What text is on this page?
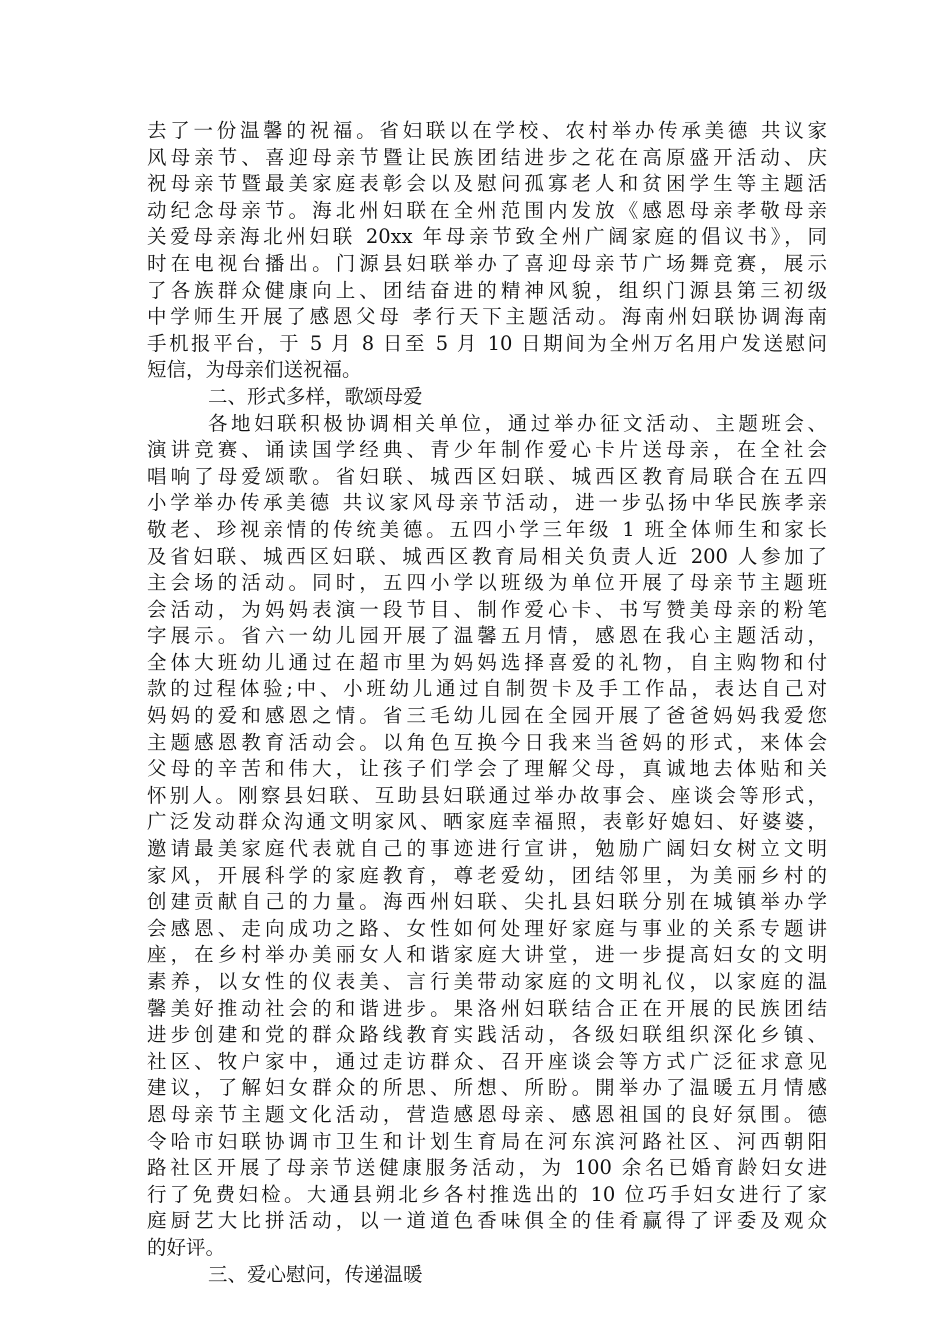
去了一份温馨的祝福。省妇联以在学校、农村举办传承美德 共议家
风母亲节、喜迎母亲节暨让民族团结进步之花在高原盛开活动、庆
祝母亲节暨最美家庭表彰会以及慰问孤寡老人和贫困学生等主题活
动纪念母亲节。海北州妇联在全州范围内发放《感恩母亲孝敬母亲
关爱母亲海北州妇联 20xx 年母亲节致全州广阔家庭的倡议书》，同
时在电视台播出。门源县妇联举办了喜迎母亲节广场舞竞赛，展示
了各族群众健康向上、团结奋进的精神风貌，组织门源县第三初级
中学师生开展了感恩父母 孝行天下主题活动。海南州妇联协调海南
手机报平台，于 5 月 8 日至 5 月 10 日期间为全州万名用户发送慰问
短信，为母亲们送祝福。
二、形式多样，歌颂母爱
各地妇联积极协调相关单位，通过举办征文活动、主题班会、
演讲竞赛、诵读国学经典、青少年制作爱心卡片送母亲，在全社会
唱响了母爱颂歌。省妇联、城西区妇联、城西区教育局联合在五四
小学举办传承美德 共议家风母亲节活动，进一步弘扬中华民族孝亲
敬老、珍视亲情的传统美德。五四小学三年级 1 班全体师生和家长
及省妇联、城西区妇联、城西区教育局相关负责人近 200 人参加了
主会场的活动。同时，五四小学以班级为单位开展了母亲节主题班
会活动，为妈妈表演一段节目、制作爱心卡、书写赞美母亲的粉笔
字展示。省六一幼儿园开展了温馨五月情，感恩在我心主题活动，
全体大班幼儿通过在超市里为妈妈选择喜爱的礼物，自主购物和付
款的过程体验;中、小班幼儿通过自制贺卡及手工作品，表达自己对
妈妈的爱和感恩之情。省三毛幼儿园在全园开展了爸爸妈妈我爱您
主题感恩教育活动会。以角色互换今日我来当爸妈的形式，来体会
父母的辛苦和伟大，让孩子们学会了理解父母，真诚地去体贴和关
怀别人。刚察县妇联、互助县妇联通过举办故事会、座谈会等形式，
广泛发动群众沟通文明家风、晒家庭幸福照，表彰好媳妇、好婆婆，
邀请最美家庭代表就自己的事迹进行宣讲，勉励广阔妇女树立文明
家风，开展科学的家庭教育，尊老爱幼，团结邻里，为美丽乡村的
创建贡献自己的力量。海西州妇联、尖扎县妇联分别在城镇举办学
会感恩、走向成功之路、女性如何处理好家庭与事业的关系专题讲
座，在乡村举办美丽女人和谐家庭大讲堂，进一步提高妇女的文明
素养，以女性的仪表美、言行美带动家庭的文明礼仪，以家庭的温
馨美好推动社会的和谐进步。果洛州妇联结合正在开展的民族团结
进步创建和党的群众路线教育实践活动，各级妇联组织深化乡镇、
社区、牧户家中，通过走访群众、召开座谈会等方式广泛征求意见
建议，了解妇女群众的所思、所想、所盼。開举办了温暖五月情感
恩母亲节主题文化活动，营造感恩母亲、感恩祖国的良好氛围。德
令哈市妇联协调市卫生和计划生育局在河东滨河路社区、河西朝阳
路社区开展了母亲节送健康服务活动，为 100 余名已婚育龄妇女进
行了免费妇检。大通县朔北乡各村推选出的 10 位巧手妇女进行了家
庭厨艺大比拼活动，以一道道色香味俱全的佳肴赢得了评委及观众
的好评。
三、爱心慰问，传递温暖
